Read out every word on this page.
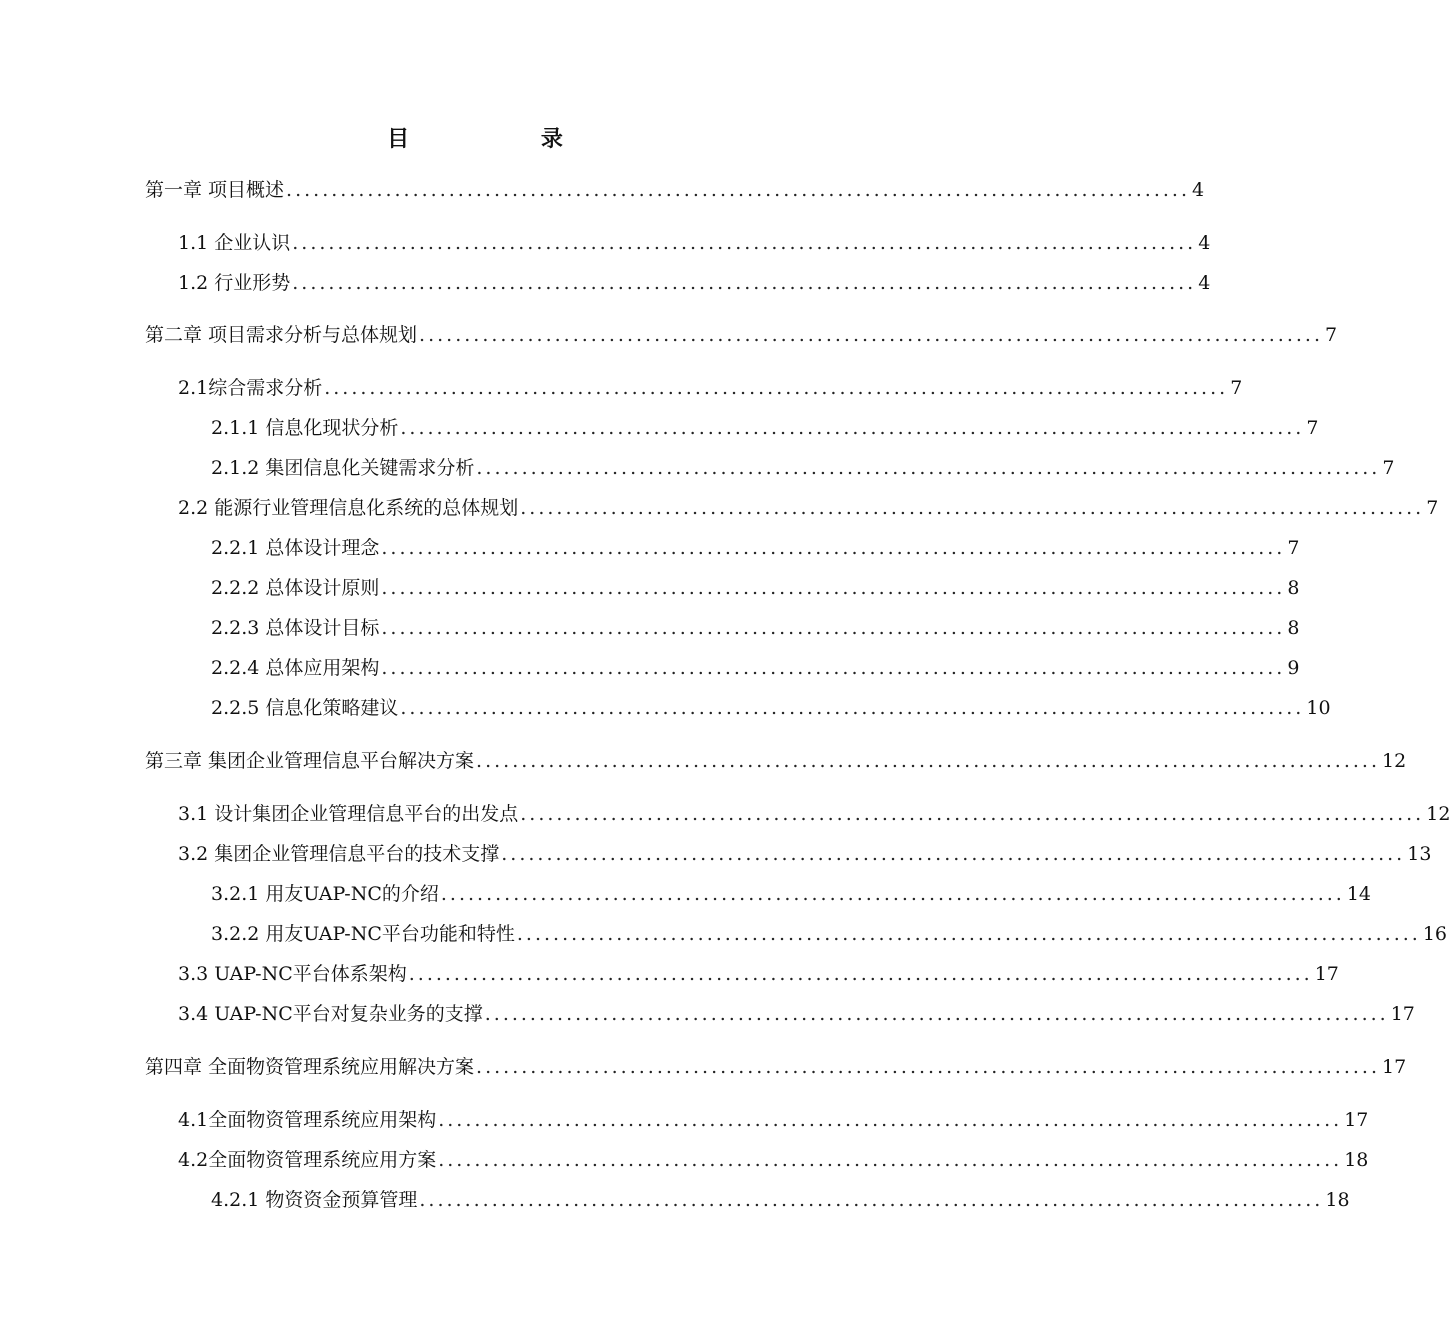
目 录
第一章 项目概述 .................................................................................................... 4
1.1 企业认识 .................................................................................................... 4
1.2 行业形势 .................................................................................................... 4
第二章 项目需求分析与总体规划 .................................................................................................... 7
2.1综合需求分析 .................................................................................................... 7
2.1.1 信息化现状分析 .................................................................................................... 7
2.1.2 集团信息化关键需求分析 .................................................................................................... 7
2.2 能源行业管理信息化系统的总体规划 .................................................................................................... 7
2.2.1 总体设计理念 .................................................................................................... 7
2.2.2 总体设计原则 .................................................................................................... 8
2.2.3 总体设计目标 .................................................................................................... 8
2.2.4 总体应用架构 .................................................................................................... 9
2.2.5 信息化策略建议 .................................................................................................... 10
第三章 集团企业管理信息平台解决方案 .................................................................................................... 12
3.1 设计集团企业管理信息平台的出发点 .................................................................................................... 12
3.2 集团企业管理信息平台的技术支撑 .................................................................................................... 13
3.2.1 用友UAP-NC的介绍 .................................................................................................... 14
3.2.2 用友UAP-NC平台功能和特性 .................................................................................................... 16
3.3 UAP-NC平台体系架构 .................................................................................................... 17
3.4 UAP-NC平台对复杂业务的支撑 .................................................................................................... 17
第四章 全面物资管理系统应用解决方案 .................................................................................................... 17
4.1全面物资管理系统应用架构 .................................................................................................... 17
4.2全面物资管理系统应用方案 .................................................................................................... 18
4.2.1 物资资金预算管理 .................................................................................................... 18
